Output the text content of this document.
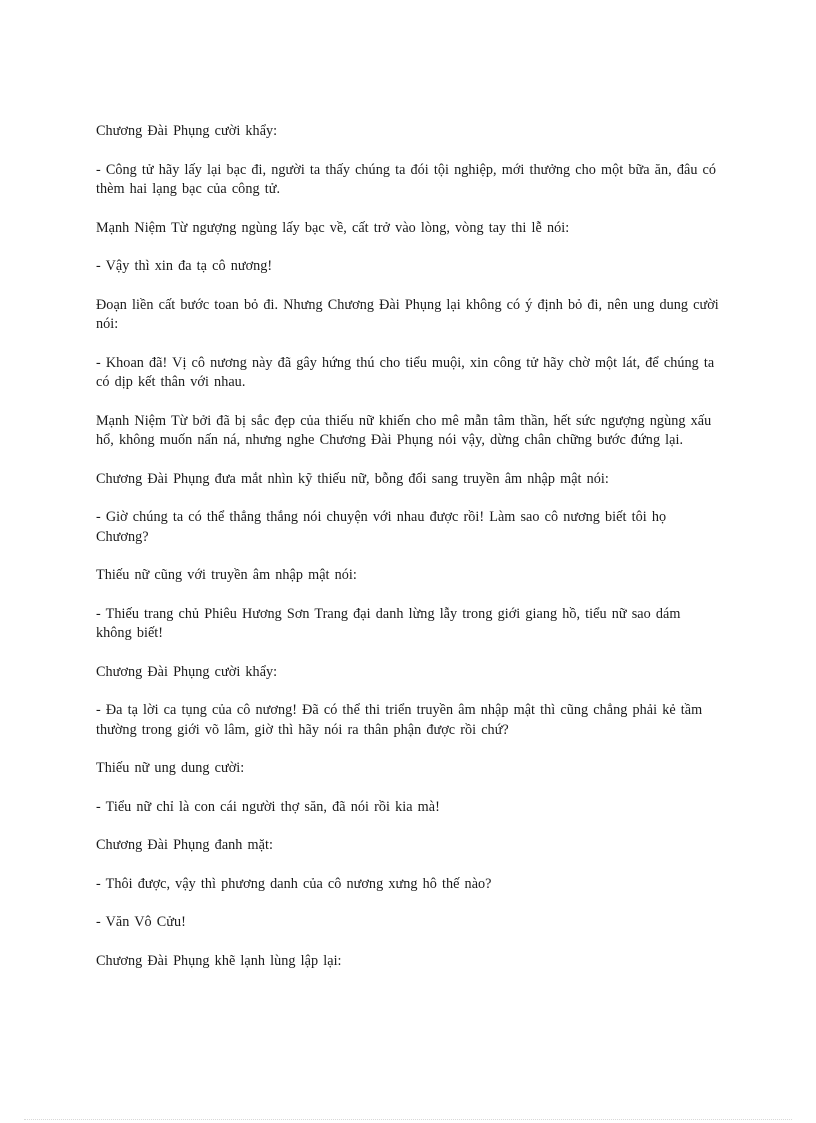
Chương Đài Phụng cười khẩy:

- Công tử hãy lấy lại bạc đi, người ta thấy chúng ta đói tội nghiệp, mới thưởng cho một bữa ăn, đâu có thèm hai lạng bạc của công tử.

Mạnh Niệm Từ ngượng ngùng lấy bạc về, cất trở vào lòng, vòng tay thi lễ nói:

- Vậy thì xin đa tạ cô nương!

Đoạn liền cất bước toan bỏ đi. Nhưng Chương Đài Phụng lại không có ý định bỏ đi, nên ung dung cười nói:

- Khoan đã! Vị cô nương này đã gây hứng thú cho tiểu muội, xin công tử hãy chờ một lát, để chúng ta có dịp kết thân với nhau.

Mạnh Niệm Từ bởi đã bị sắc đẹp của thiếu nữ khiến cho mê mẫn tâm thần, hết sức ngượng ngùng xấu hổ, không muốn nấn ná, nhưng nghe Chương Đài Phụng nói vậy, dừng chân chững bước đứng lại.

Chương Đài Phụng đưa mắt nhìn kỹ thiếu nữ, bỗng đổi sang truyền âm nhập mật nói:

- Giờ chúng ta có thể thẳng thắng nói chuyện với nhau được rồi! Làm sao cô nương biết tôi họ Chương?

Thiếu nữ cũng với truyền âm nhập mật nói:

- Thiếu trang chủ Phiêu Hương Sơn Trang đại danh lừng lẫy trong giới giang hồ, tiểu nữ sao dám không biết!

Chương Đài Phụng cười khẩy:

- Đa tạ lời ca tụng của cô nương! Đã có thể thi triển truyền âm nhập mật thì cũng chẳng phải kẻ tầm thường trong giới võ lâm, giờ thì hãy nói ra thân phận được rồi chứ?

Thiếu nữ ung dung cười:

- Tiểu nữ chỉ là con cái người thợ săn, đã nói rồi kia mà!

Chương Đài Phụng đanh mặt:

- Thôi được, vậy thì phương danh của cô nương xưng hô thế nào?

- Văn Vô Cửu!

Chương Đài Phụng khẽ lạnh lùng lập lại:
